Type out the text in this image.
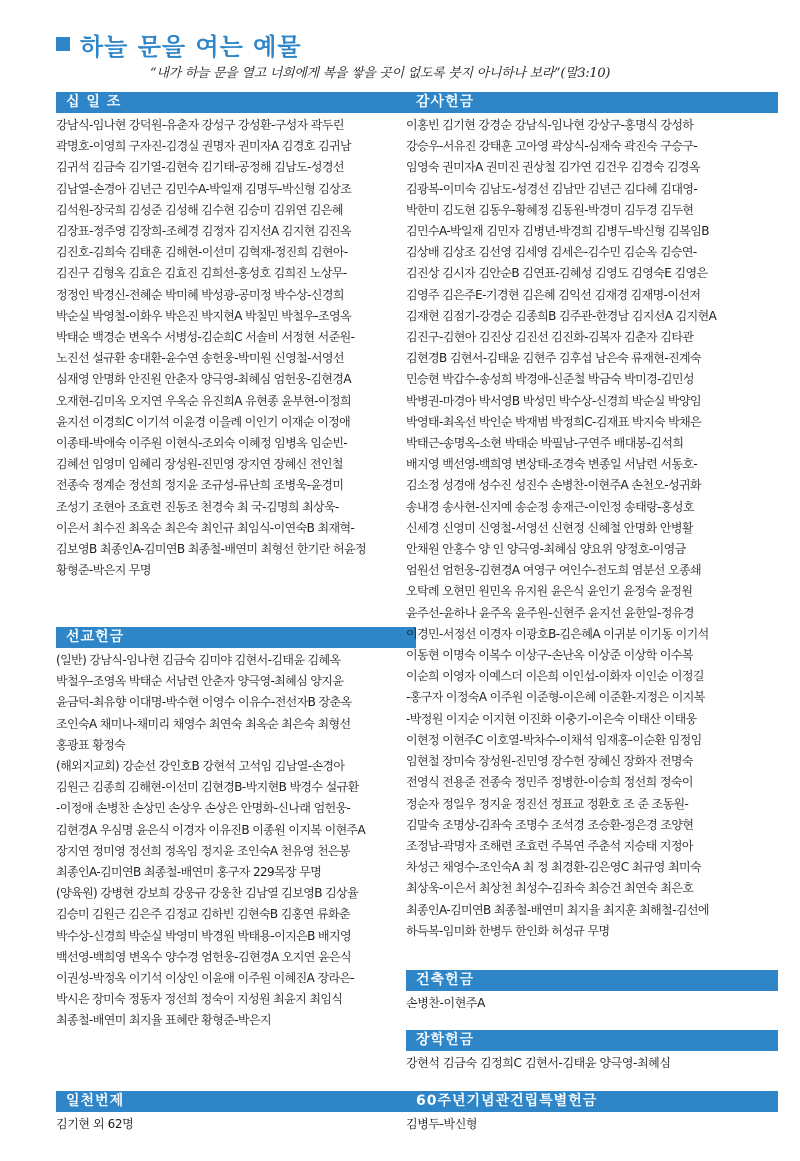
하늘 문을 여는 예물
“내가 하늘 문을 열고 너희에게 복을 쌓을 곳이 없도록 붓지 아니하나 보라”(말3:10)
십 일 조
강남식-임나현 강덕원-유춘자 강성구 강성환-구성자 곽두린
곽명호-이영희 구자진-김경실 권명자 권미자A 김경호 김귀남
김귀석 김금숙 김기열-김현숙 김기태-공정해 김남도-성경선
김남열-손경아 김년근 김민수A-박일재 김명두-박신형 김상조
김석원-장국희 김성준 김성해 김수현 김승미 김위연 김은혜
김장표-정주영 김장희-조혜경 김정자 김지선A 김지현 김진옥
김진호-김희숙 김태훈 김해현-이선미 김혁재-정진희 김현아-
김진구 김형옥 김효은 김효진 김희선-홍성호 김희진 노상무-
정정인 박경신-전혜순 박미혜 박성광-공미정 박수상-신경희
박순실 박영철-이화우 박은진 박지현A 박칠민 박철우-조영옥
박태순 백경순 변옥수 서병성-김순희C 서솔비 서정현 서준원-
노진선 설규환 송대환-윤수연 송헌웅-박미원 신영철-서영선
심재영 안명화 안진원 안춘자 양극영-최혜심 엄헌웅-김현경A
오재현-김미옥 오지연 우옥순 유진희A 유현종 윤부현-이정희
윤지선 이경희C 이기석 이윤경 이을례 이인기 이재순 이정애
이종태-박애숙 이주원 이현식-조외숙 이혜정 임병옥 임순빈-
김혜선 임영미 임혜리 장성원-진민영 장지연 장혜신 전인철
전종숙 정계순 정선희 정지윤 조규성-류난희 조병욱-윤경미
조성기 조현아 조효련 진동조 천경숙 최 국-김명희 최상욱-
이은서 최수진 최옥순 최은숙 최인규 최임식-이연숙B 최재혁-
김보영B 최종인A-김미연B 최종철-배연미 최형선 한기란 허윤정
황형준-박은지 무명
선교헌금
(일반) 강남식-임나현 김금숙 김미야 김현서-김태윤 김혜옥
박철우-조영옥 박태순 서남련 안춘자 양극영-최혜심 양지윤
윤금덕-최유향 이대명-박수현 이영수 이유수-전선자B 장춘옥
조인숙A 채미나-채미리 채영수 최연숙 최옥순 최은숙 최형선
홍광표 황정숙
(해외지교회) 강순선 강인호B 강현석 고석임 김남열-손경아
김원근 김종희 김해현-이선미 김현경B-박지현B 박경수 설규환
-이정애 손병찬 손상민 손상우 손상은 안명화-신나래 엄헌웅-
김현경A 우심명 윤은식 이경자 이유진B 이종원 이지복 이현주A
장지연 정미영 정선희 정옥임 정지윤 조인숙A 천유영 천은봉
최종인A-김미연B 최종철-배연미 홍구자 229목장 무명
(양육원) 강병현 강보희 강웅규 강웅찬 김남열 김보영B 김상율
김승미 김원근 김은주 김정교 김하빈 김현숙B 김홍연 류화춘
박수상-신경희 박순실 박영미 박경원 박태용-이지은B 배지영
백선영-백희영 변옥수 양수경 엄헌웅-김현경A 오지연 윤은식
이권성-박정옥 이기석 이상인 이윤애 이주원 이혜진A 장라은-
박시은 장미숙 정동자 정선희 정숙이 지성원 최윤지 최임식
최종철-배연미 최지율 표혜란 황형준-박은지
일천번제
김기현 외 62명
감사헌금
이홍빈 김기현 강경순 강남식-임나현 강상구-홍명식 강성하
강승우-서유진 강태훈 고아영 곽상식-심재숙 곽진숙 구승구-
임영숙 권미자A 권미진 권상철 김가연 김건우 김경숙 김경옥
김광복-이미숙 김남도-성경선 김남만 김년근 김다혜 김대영-
박한미 김도현 김동우-황혜정 김동원-박경미 김두경 김두현
김민수A-박일재 김민자 김병년-박경희 김병두-박신형 김복임B
김상배 김상조 김선영 김세영 김세은-김수민 김순옥 김승연-
김진상 김시자 김안순B 김연표-김혜성 김영도 김영숙E 김영은
김영주 김은주E-기경현 김은혜 김익선 김재경 김재명-이선저
김재현 김점기-강경순 김종희B 김주관-한경남 김지선A 김지현A
김진구-김현아 김진상 김진선 김진화-김복자 김춘자 김타관
김현경B 김현서-김태윤 김현주 김후섭 남은숙 류재현-진계숙
민승현 박갑수-송성희 박경애-신준철 박금숙 박미경-김민성
박병권-마경아 박서영B 박성민 박수상-신경희 박순실 박양임
박영태-최옥선 박인순 박재범 박정희C-김재표 박지숙 박채은
박태근-송명옥-소현 박태순 박필남-구연주 배대봉-김석희
배지영 백선영-백희영 변상태-조경숙 변종일 서남련 서동호-
김소정 성경애 성수진 성진수 손병찬-이현주A 손천오-성귀화
송내경 송사현-신지예 송순정 송재근-이인정 송태랑-홍성호
신세경 신영미 신영철-서영선 신현정 신혜철 안명화 안병활
안채원 안홍수 양 인 양극영-최혜심 양요위 양정호-이영금
엄원선 엄헌웅-김현경A 여영구 여인수-전도희 염분선 오종쇄
오탁례 오현민 원민옥 유지원 윤은식 윤인기 윤정숙 윤정원
윤주선-윤하나 윤주옥 윤주원-신현주 윤지선 윤한일-정유경
이경민-서정선 이경자 이광호B-김은혜A 이귀분 이기동 이기석
이동현 이명숙 이복수 이상구-손난옥 이상준 이상학 이수복
이순희 이영자 이예스더 이은희 이인섭-이화자 이인순 이정길
-홍구자 이정숙A 이주원 이준형-이은혜 이준환-지정은 이지복
-박정원 이지순 이지현 이진화 이충기-이은숙 이태산 이태웅
이현정 이현주C 이호열-박차수-이채석 임재홍-이순환 임정임
임현철 장미숙 장성원-진민영 장수헌 장혜신 장화자 전명숙
전영식 전용준 전종숙 정민주 정병한-이승희 정선희 정숙이
정순자 정일우 정지윤 정진선 정표교 정환호 조 준 조동원-
김말숙 조명상-김좌숙 조명수 조석경 조승환-정은경 조양현
조정남-곽명자 조해련 조효련 주복연 주춘석 지승태 지정아
차성근 채영수-조인숙A 최 정 최경환-김은영C 최규영 최미숙
최상욱-이은서 최상천 최성수-김좌숙 최승건 최연숙 최은호
최종인A-김미연B 최종철-배연미 최지율 최지훈 최해철-김선에
하득복-임미화 한병두 한인화 허성규 무명
건축헌금
손병찬-이현주A
장학헌금
강현석 김금숙 김정희C 김현서-김태윤 양극영-최혜심
60주년기념관건립특별헌금
김병두-박신형
